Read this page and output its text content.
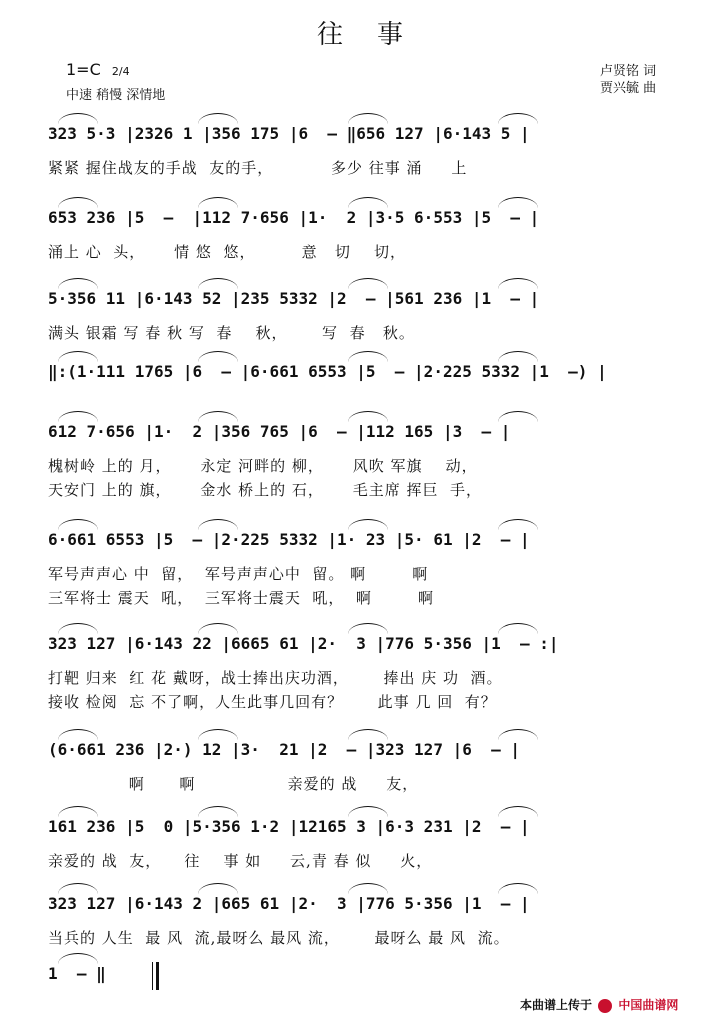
往事
1=C 2/4
中速 稍慢 深情地
卢贤铭 词
贾兴毓 曲
323 5·3 |2326 1 |356 175 |6  – ‖656 127 |6·143 5 |
紧紧 握住战友的手战  友的手，          多少 往事 涌     上
653 236 |5  –  |112 7·656 |1·  2 |3·5 6·553 |5  – |
涌上 心  头，     情 悠  悠，        意   切    切，
5·356 11 |6·143 52 |235 5332 |2  – |561 236 |1  – |
满头 银霜 写 春 秋 写  春    秋，      写  春   秋。
‖:(1·111 1765 |6  – |6·661 6553 |5  – |2·225 5332 |1  –) |
612 7·656 |1·  2 |356 765 |6  – |112 165 |3  – |
槐树岭 上的 月，     永定 河畔的 柳，     风吹 军旗    动，
天安门 上的 旗，     金水 桥上的 石，     毛主席 挥巨  手，
6·661 6553 |5  – |2·225 5332 |1· 23 |5· 61 |2  – |
军号声声心 中  留，  军号声声心中  留。 啊        啊
三军将士 震天  吼，  三军将士震天  吼，  啊        啊
323 127 |6·143 22 |6665 61 |2·  3 |776 5·356 |1  – :|
打靶 归来  红 花 戴呀，战士捧出庆功酒，      捧出 庆 功  酒。
接收 检阅  忘 不了啊，人生此事几回有？      此事 几 回  有？
(6·661 236 |2·) 12 |3·  21 |2  – |323 127 |6  – |
啊      啊                亲爱的 战     友，
161 236 |5  0 |5·356 1·2 |12165 3 |6·3 231 |2  – |
亲爱的 战  友，    往    事 如     云,青 春 似     火，
323 127 |6·143 2 |665 61 |2·  3 |776 5·356 |1  – |
当兵的 人生  最 风  流,最呀么 最风 流，      最呀么 最 风  流。
1  – ‖
本曲谱上传于 中国曲谱网
